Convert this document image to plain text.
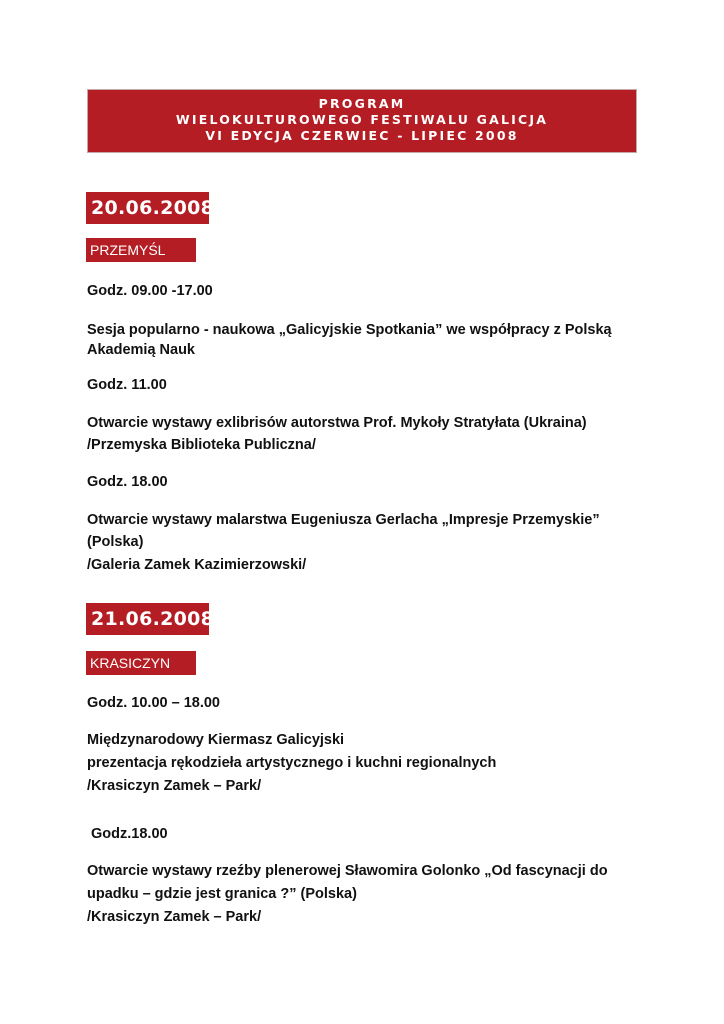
PROGRAM
WIELOKULTUROWEGO FESTIWALU GALICJA
VI EDYCJA CZERWIEC - LIPIEC 2008
20.06.2008
PRZEMYŚL
Godz. 09.00 -17.00
Sesja popularno - naukowa „Galicyjskie Spotkania” we współpracy z Polską
Akademią Nauk
Godz. 11.00
Otwarcie wystawy exlibrisów autorstwa Prof. Mykoły Stratyłata (Ukraina)
/Przemyska Biblioteka Publiczna/
Godz. 18.00
Otwarcie wystawy malarstwa Eugeniusza Gerlacha „Impresje Przemyskie”
(Polska)
/Galeria Zamek Kazimierzowski/
21.06.2008
KRASICZYN
Godz. 10.00 – 18.00
Międzynarodowy Kiermasz Galicyjski
prezentacja rękodzieła artystycznego i kuchni regionalnych
/Krasiczyn Zamek – Park/
Godz.18.00
Otwarcie wystawy rzeźby plenerowej Sławomira Golonko „Od fascynacji do
upadku – gdzie jest granica ?” (Polska)
/Krasiczyn Zamek – Park/
